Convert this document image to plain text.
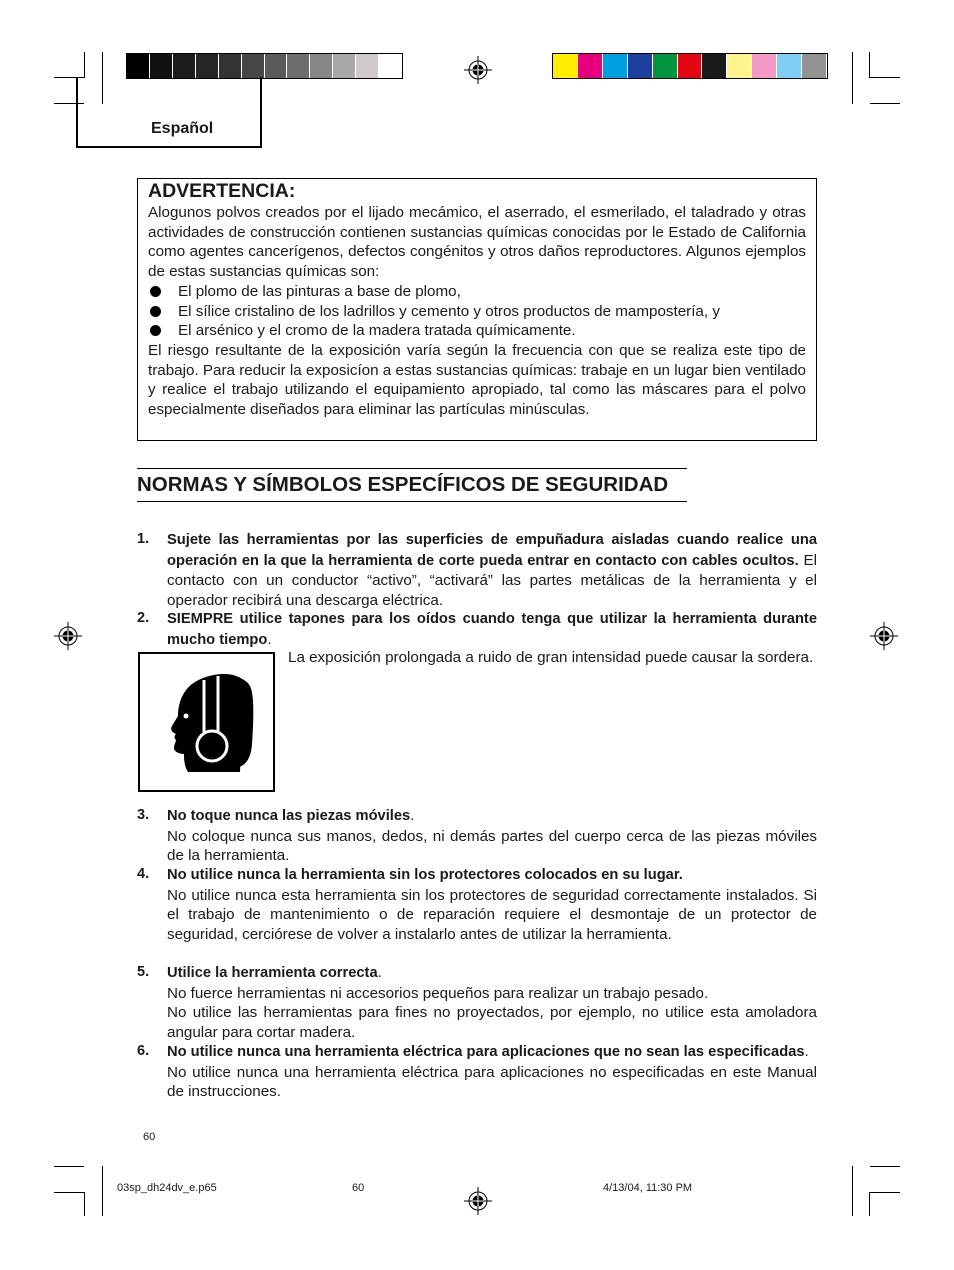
Español
ADVERTENCIA:

Alogunos polvos creados por el lijado mecámico, el aserrado, el esmerilado, el taladrado y otras actividades de construcción contienen sustancias químicas conocidas por le Estado de California como agentes cancerígenos, defectos congénitos y otros daños reproductores. Algunos ejemplos de estas sustancias químicas son:

El plomo de las pinturas a base de plomo,
El sílice cristalino de los ladrillos y cemento y otros productos de mampostería, y
El arsénico y el cromo de la madera tratada químicamente.

El riesgo resultante de la exposición varía según la frecuencia con que se realiza este tipo de trabajo. Para reducir la exposicíon a estas sustancias químicas: trabaje en un lugar bien ventilado y realice el trabajo utilizando el equipamiento apropiado, tal como las máscares para el polvo especialmente diseñados para eliminar las partículas minúsculas.

NORMAS Y SÍMBOLOS ESPECÍFICOS DE SEGURIDAD
1. Sujete las herramientas por las superficies de empuñadura aisladas cuando realice una operación en la que la herramienta de corte pueda entrar en contacto con cables ocultos. El contacto con un conductor “activo”, “activará” las partes metálicas de la herramienta y el operador recibirá una descarga eléctrica.
2. SIEMPRE utilice tapones para los oídos cuando tenga que utilizar la herramienta durante mucho tiempo.
La exposición prolongada a ruido de gran intensidad puede causar la sordera.
3. No toque nunca las piezas móviles.
No coloque nunca sus manos, dedos, ni demás partes del cuerpo cerca de las piezas móviles de la herramienta.
4. No utilice nunca la herramienta sin los protectores colocados en su lugar.
No utilice nunca esta herramienta sin los protectores de seguridad correctamente instalados. Si el trabajo de mantenimiento o de reparación requiere el desmontaje de un protector de seguridad, cerciórese de volver a instalarlo antes de utilizar la herramienta.
5. Utilice la herramienta correcta.
No fuerce herramientas ni accesorios pequeños para realizar un trabajo pesado.
No utilice las herramientas para fines no proyectados, por ejemplo, no utilice esta amoladora angular para cortar madera.
6. No utilice nunca una herramienta eléctrica para aplicaciones que no sean las especificadas.
No utilice nunca una herramienta eléctrica para aplicaciones no especificadas en este Manual de instrucciones.
60
03sp_dh24dv_e.p65	60	4/13/04, 11:30 PM
